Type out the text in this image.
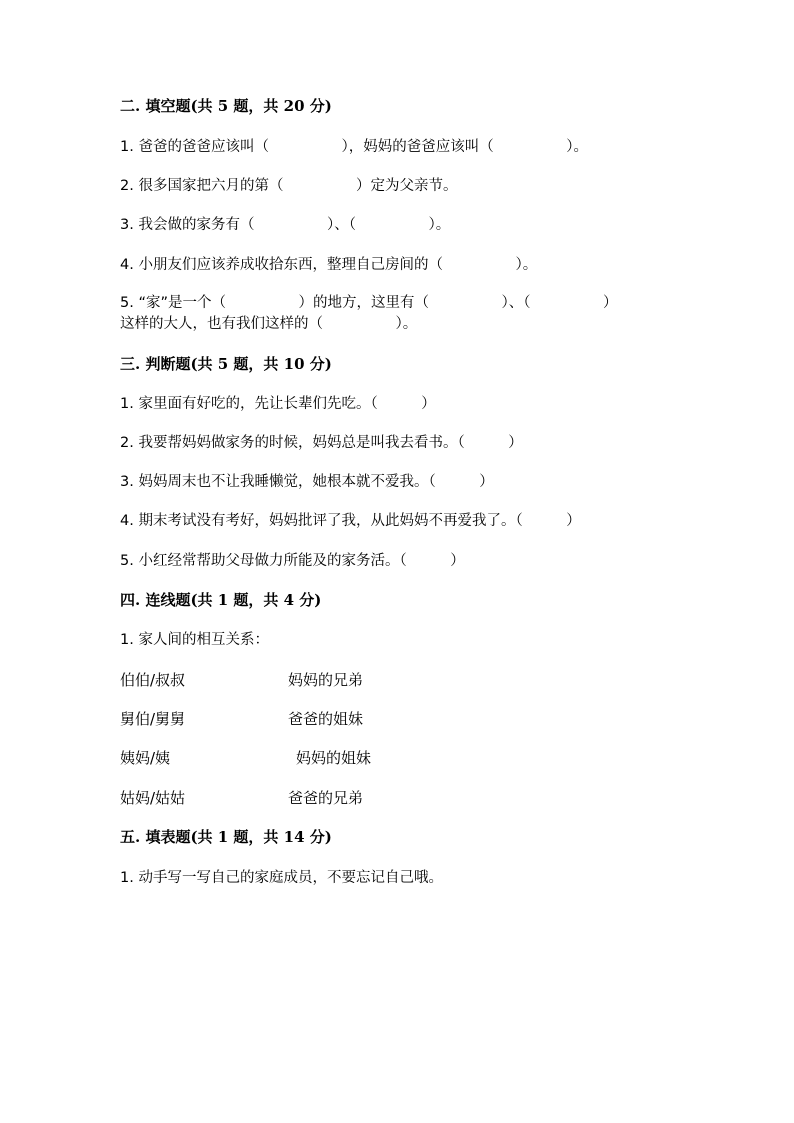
二. 填空题(共 5 题，共 20 分)
1. 爸爸的爸爸应该叫（　　　　　），妈妈的爸爸应该叫（　　　　　）。
2. 很多国家把六月的第（　　　　　）定为父亲节。
3. 我会做的家务有（　　　　　）、（　　　　　）。
4. 小朋友们应该养成收拾东西，整理自己房间的（　　　　　）。
5. “家”是一个（　　　　　）的地方，这里有（　　　　　）、（　　　　　）
这样的大人，也有我们这样的（　　　　　）。
三. 判断题(共 5 题，共 10 分)
1. 家里面有好吃的，先让长辈们先吃。（　　　）
2. 我要帮妈妈做家务的时候，妈妈总是叫我去看书。（　　　）
3. 妈妈周末也不让我睡懒觉，她根本就不爱我。（　　　）
4. 期末考试没有考好，妈妈批评了我，从此妈妈不再爱我了。（　　　）
5. 小红经常帮助父母做力所能及的家务活。（　　　）
四. 连线题(共 1 题，共 4 分)
1. 家人间的相互关系：
伯伯/叔叔	妈妈的兄弟
舅伯/舅舅	爸爸的姐妹
姨妈/姨	妈妈的姐妹
姑妈/姑姑	爸爸的兄弟
五. 填表题(共 1 题，共 14 分)
1. 动手写一写自己的家庭成员，不要忘记自己哦。
